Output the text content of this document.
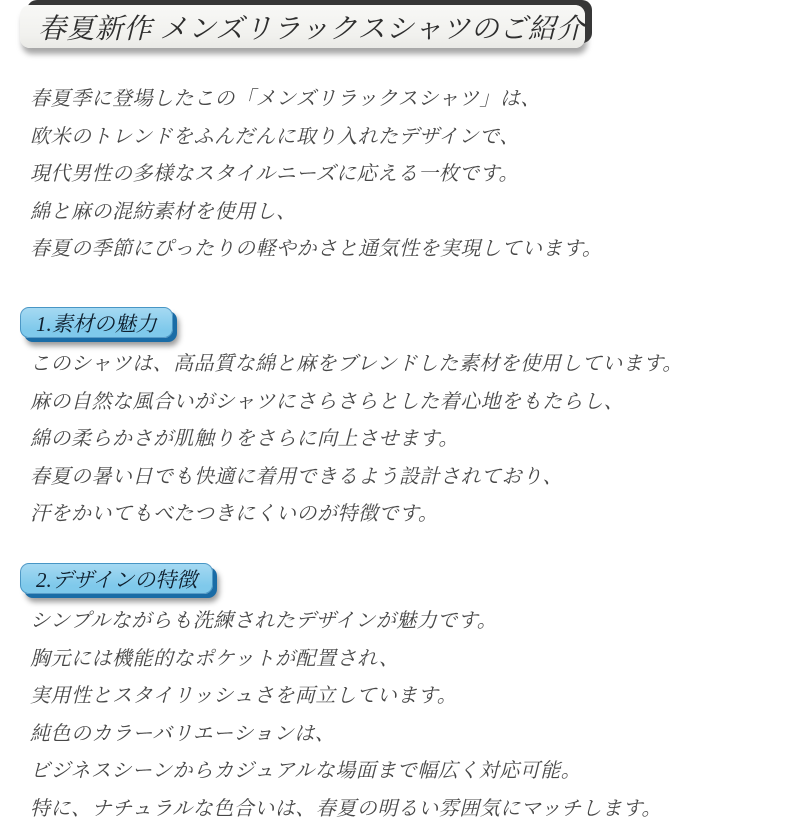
春夏新作 メンズリラックスシャツのご紹介

春夏季に登場したこの「メンズリラックスシャツ」は、

欧米のトレンドをふんだんに取り入れたデザインで、

現代男性の多様なスタイルニーズに応える一枚です。

綿と麻の混紡素材を使用し、

春夏の季節にぴったりの軽やかさと通気性を実現しています。

1.素材の魅力

このシャツは、高品質な綿と麻をブレンドした素材を使用しています。

麻の自然な風合いがシャツにさらさらとした着心地をもたらし、

綿の柔らかさが肌触りをさらに向上させます。

春夏の暑い日でも快適に着用できるよう設計されており、

汗をかいてもべたつきにくいのが特徴です。

2.デザインの特徴

シンプルながらも洗練されたデザインが魅力です。

胸元には機能的なポケットが配置され、

実用性とスタイリッシュさを両立しています。

純色のカラーバリエーションは、

ビジネスシーンからカジュアルな場面まで幅広く対応可能。

特に、ナチュラルな色合いは、春夏の明るい雰囲気にマッチします。
